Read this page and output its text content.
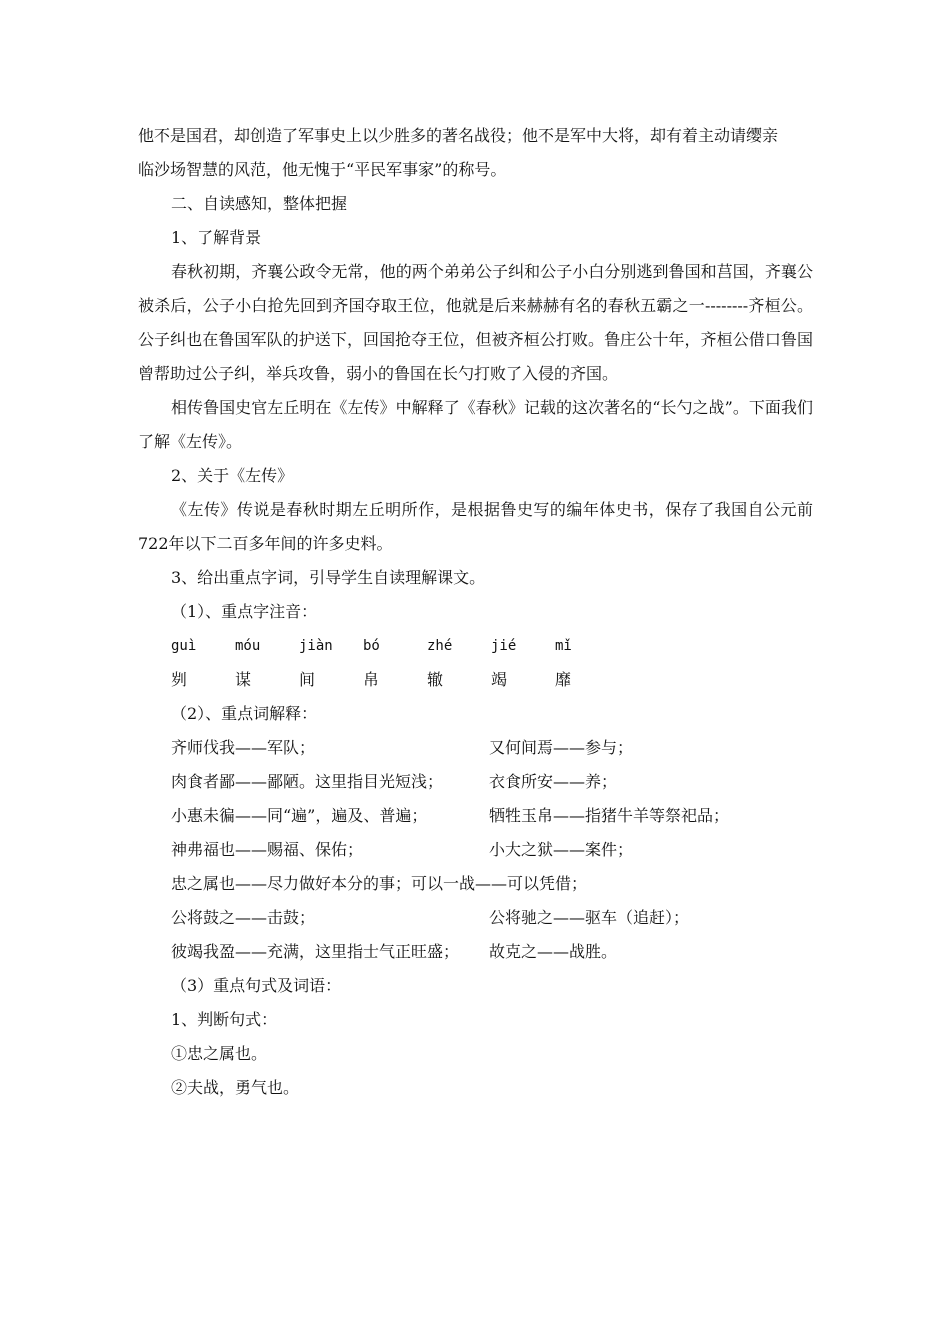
他不是国君，却创造了军事史上以少胜多的著名战役；他不是军中大将，却有着主动请缨亲

临沙场智慧的风范，他无愧于“平民军事家”的称号。

二、自读感知，整体把握

1、了解背景

春秋初期，齐襄公政令无常，他的两个弟弟公子纠和公子小白分别逃到鲁国和莒国，齐襄公被杀后，公子小白抢先回到齐国夺取王位，他就是后来赫赫有名的春秋五霸之一--------齐桓公。公子纠也在鲁国军队的护送下，回国抢夺王位，但被齐桓公打败。鲁庄公十年，齐桓公借口鲁国曾帮助过公子纠，举兵攻鲁，弱小的鲁国在长勺打败了入侵的齐国。

相传鲁国史官左丘明在《左传》中解释了《春秋》记载的这次著名的“长勺之战”。下面我们了解《左传》。

2、关于《左传》

《左传》传说是春秋时期左丘明所作，是根据鲁史写的编年体史书，保存了我国自公元前722年以下二百多年间的许多史料。

3、给出重点字词，引导学生自读理解课文。

（1）、重点字注音：

guì	móu	jiàn	bó	zhé	jié	mǐ
刿	谋	间	帛	辙	竭	靡

（2）、重点词解释：

齐师伐我——军队；	又何间焉——参与；
肉食者鄙——鄙陋。这里指目光短浅；	衣食所安——养；
小惠未徧——同“遍”，遍及、普遍；	牺牲玉帛——指猪牛羊等祭祀品；
神弗福也——赐福、保佑；	小大之狱——案件；
忠之属也——尽力做好本分的事；可以一战——可以凭借；
公将鼓之——击鼓；	公将驰之——驱车（追赶）；
彼竭我盈——充满，这里指士气正旺盛；	故克之——战胜。

（3）重点句式及词语：

1、判断句式：

①忠之属也。

②夫战，勇气也。
